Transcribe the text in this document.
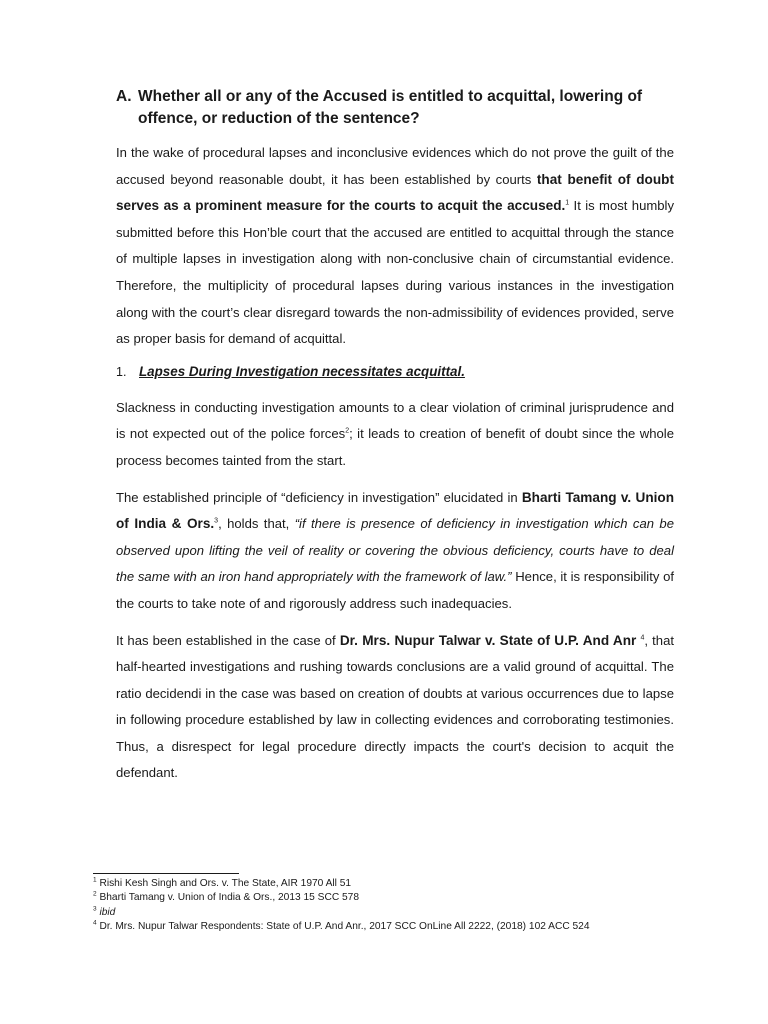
A. Whether all or any of the Accused is entitled to acquittal, lowering of offence, or reduction of the sentence?

In the wake of procedural lapses and inconclusive evidences which do not prove the guilt of the accused beyond reasonable doubt, it has been established by courts that benefit of doubt serves as a prominent measure for the courts to acquit the accused.$^1$ It is most humbly submitted before this Hon’ble court that the accused are entitled to acquittal through the stance of multiple lapses in investigation along with non-conclusive chain of circumstantial evidence. Therefore, the multiplicity of procedural lapses during various instances in the investigation along with the court’s clear disregard towards the non-admissibility of evidences provided, serve as proper basis for demand of acquittal.

1. Lapses During Investigation necessitates acquittal.

Slackness in conducting investigation amounts to a clear violation of criminal jurisprudence and is not expected out of the police forces$^2$; it leads to creation of benefit of doubt since the whole process becomes tainted from the start.

The established principle of “deficiency in investigation” elucidated in Bharti Tamang v. Union of India & Ors.$^3$, holds that, “if there is presence of deficiency in investigation which can be observed upon lifting the veil of reality or covering the obvious deficiency, courts have to deal the same with an iron hand appropriately with the framework of law.” Hence, it is responsibility of the courts to take note of and rigorously address such inadequacies.

It has been established in the case of Dr. Mrs. Nupur Talwar v. State of U.P. And Anr $^4$, that half-hearted investigations and rushing towards conclusions are a valid ground of acquittal. The ratio decidendi in the case was based on creation of doubts at various occurrences due to lapse in following procedure established by law in collecting evidences and corroborating testimonies. Thus, a disrespect for legal procedure directly impacts the court's decision to acquit the defendant.

$^1$ Rishi Kesh Singh and Ors. v. The State, AIR 1970 All 51
$^2$ Bharti Tamang v. Union of India & Ors., 2013 15 SCC 578
$^3$ ibid
$^4$ Dr. Mrs. Nupur Talwar Respondents: State of U.P. And Anr., 2017 SCC OnLine All 2222, (2018) 102 ACC 524
